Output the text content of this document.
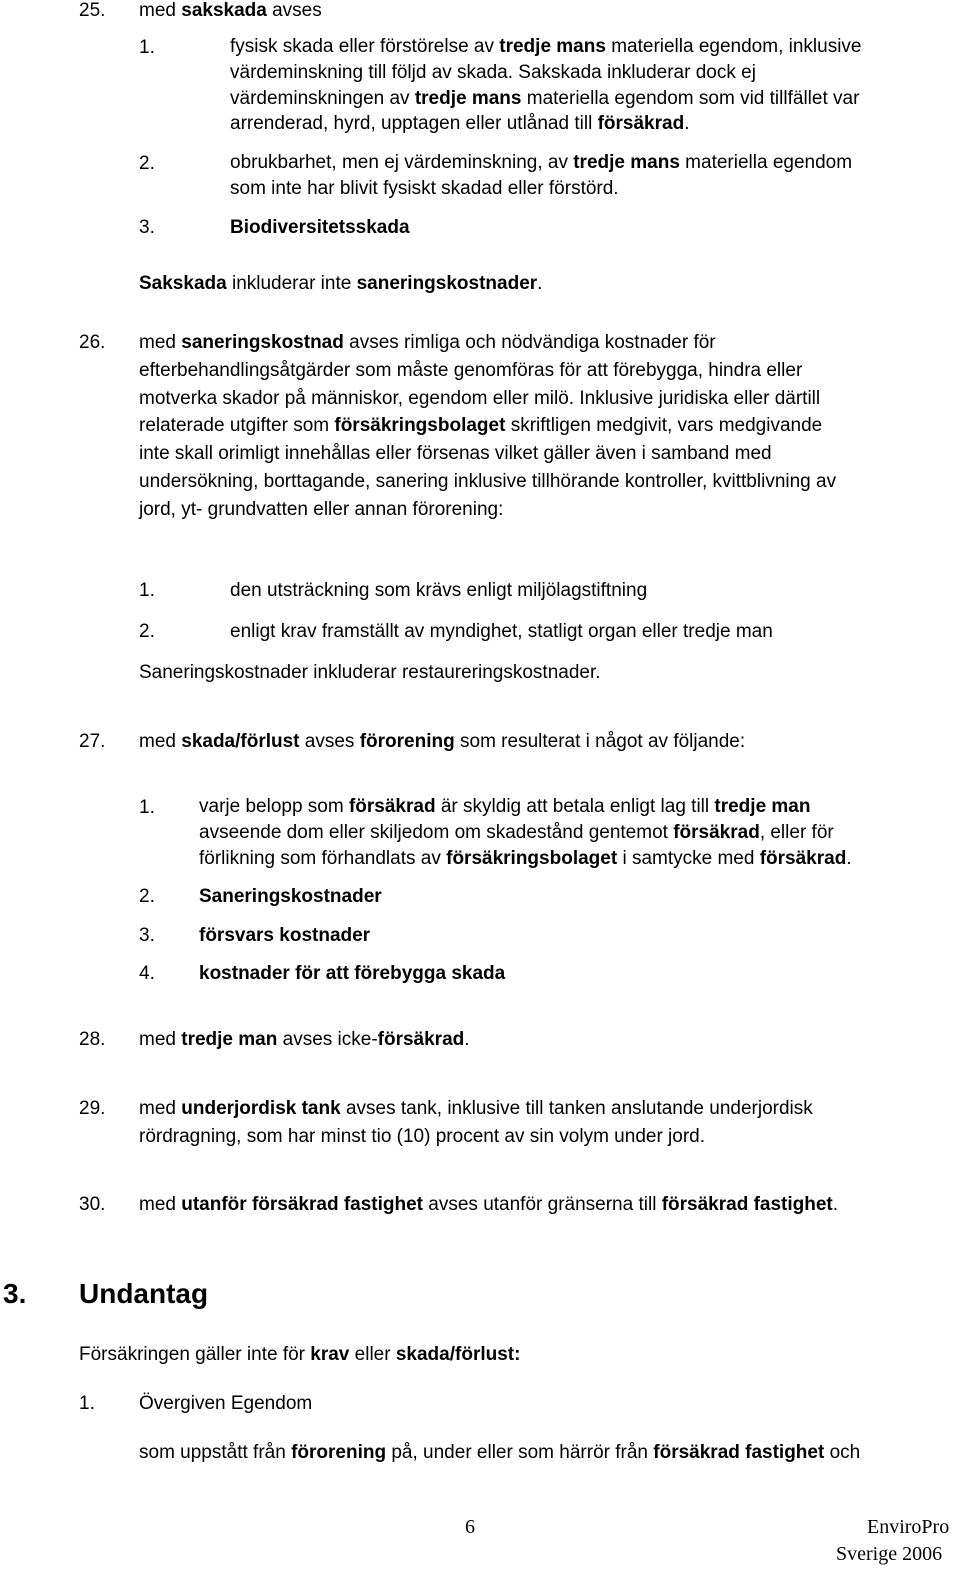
25. med sakskada avses
1.	fysisk skada eller förstörelse av tredje mans materiella egendom, inklusive
värdeminskning till följd av skada. Sakskada inkluderar dock ej
värdeminskningen av tredje mans materiella egendom som vid tillfället var
arrenderad, hyrd, upptagen eller utlånad till försäkrad.
2.	obrukbarhet, men ej värdeminskning, av tredje mans materiella egendom
som inte har blivit fysiskt skadad eller förstörd.
3.	Biodiversitetsskada
Sakskada inkluderar inte saneringskostnader.
26. med saneringskostnad avses rimliga och nödvändiga kostnader för
efterbehandlingsåtgärder som måste genomföras för att förebygga, hindra eller
motverka skador på människor, egendom eller milö. Inklusive juridiska eller därtill
relaterade utgifter som försäkringsbolaget skriftligen medgivit, vars medgivande
inte skall orimligt innehållas eller försenas vilket gäller även i samband med
undersökning, borttagande, sanering inklusive tillhörande kontroller, kvittblivning av
jord, yt- grundvatten eller annan förorening:
1.	den utsträckning som krävs enligt miljölagstiftning
2.	enligt krav framställt av myndighet, statligt organ eller tredje man
Saneringskostnader inkluderar restaureringskostnader.
27. med skada/förlust avses förorening som resulterat i något av följande:
1. varje belopp som försäkrad är skyldig att betala enligt lag till tredje man
avseende dom eller skiljedom om skadestånd gentemot försäkrad, eller för
förlikning som förhandlats av försäkringsbolaget i samtycke med försäkrad.
2. Saneringskostnader
3. försvars kostnader
4. kostnader för att förebygga skada
28. med tredje man avses icke-försäkrad.
29. med underjordisk tank avses tank, inklusive till tanken anslutande underjordisk
rördragning, som har minst tio (10) procent av sin volym under jord.
30. med utanför försäkrad fastighet avses utanför gränserna till försäkrad fastighet.
3. Undantag
Försäkringen gäller inte för krav eller skada/förlust:
1. Övergiven Egendom
som uppstått från förorening på, under eller som härrör från försäkrad fastighet och
6	EnviroPro
Sverige 2006
